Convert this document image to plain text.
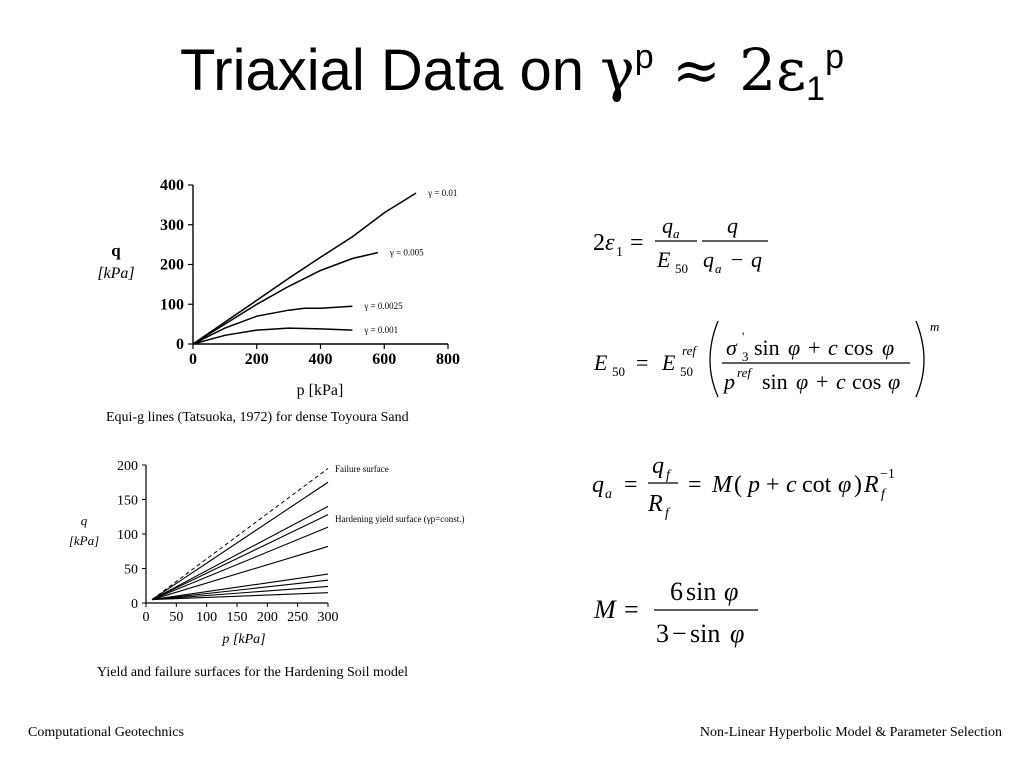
Triaxial Data on $\gamma^p \approx 2\varepsilon_1^p$
0	200 400 600 800
0
100
200
300
400
q
[kPa]
p [kPa]
γ = 0.01
γ = 0.005
γ = 0.0025
γ = 0.001
Equi-g lines (Tatsuoka, 1972) for dense Toyoura Sand
0 50 100 150 200 250 300
0
50
100
150
200
q
[kPa]
p [kPa]
Failure surface
Hardening yield surface (γp=const.)
Yield and failure surfaces for the Hardening Soil model
2 ε 1 =
q a
E 50
q
q a − q
E 50 = E ref
50
σ '
3 sin φ + c cos φ
p ref sin φ + c cos φ
m
q a =
q f
R f
= M ( p + c cot φ ) R f
−1
M =
6 sin φ
3 − sin φ
Computational Geotechnics	Non-Linear Hyperbolic Model & Parameter Selection
